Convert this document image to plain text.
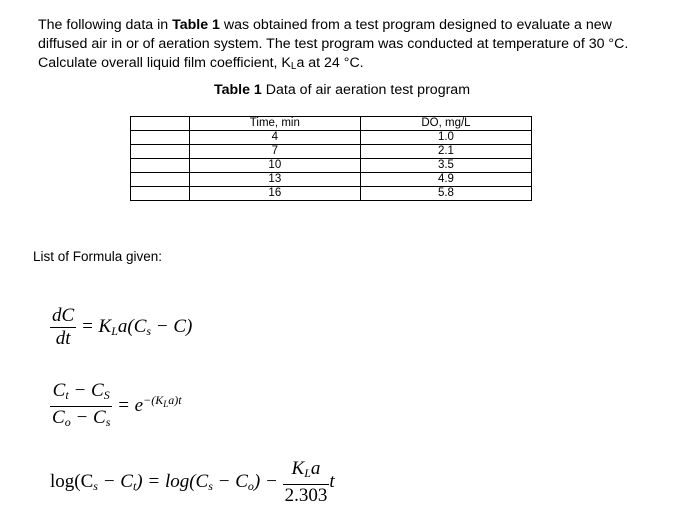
The following data in Table 1 was obtained from a test program designed to evaluate a new diffused air in or of aeration system. The test program was conducted at temperature of 30 °C. Calculate overall liquid film coefficient, $K_La$ at 24 °C.

Table 1 Data of air aeration test program
	Time, min	DO, mg/L
	4	1.0
	7	2.1
	10	3.5
	13	4.9
	16	5.8
List of Formula given:
$\frac{dC}{dt} = K_La(C_s - C)$
$\frac{C_t - C_S}{C_o - C_s} = e^{-(K_La)t}$
$\log(C_s - C_t) = \log(C_s - C_o) - \frac{K_La}{2.303}$ t
